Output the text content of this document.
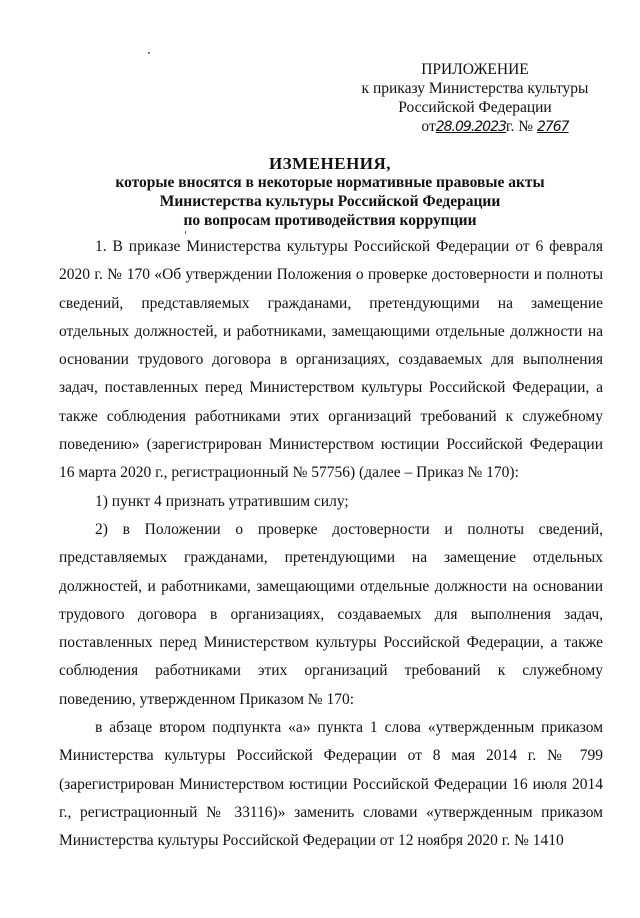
ПРИЛОЖЕНИЕ
к приказу Министерства культуры
Российской Федерации
от28.09.2023г. № 2767
ИЗМЕНЕНИЯ,
которые вносятся в некоторые нормативные правовые акты
Министерства культуры Российской Федерации
по вопросам противодействия коррупции

1. В приказе Министерства культуры Российской Федерации от 6 февраля 2020 г. № 170 «Об утверждении Положения о проверке достоверности и полноты сведений, представляемых гражданами, претендующими на замещение отдельных должностей, и работниками, замещающими отдельные должности на основании трудового договора в организациях, создаваемых для выполнения задач, поставленных перед Министерством культуры Российской Федерации, а также соблюдения работниками этих организаций требований к служебному поведению» (зарегистрирован Министерством юстиции Российской Федерации 16 марта 2020 г., регистрационный № 57756) (далее – Приказ № 170):

1) пункт 4 признать утратившим силу;

2) в Положении о проверке достоверности и полноты сведений, представляемых гражданами, претендующими на замещение отдельных должностей, и работниками, замещающими отдельные должности на основании трудового договора в организациях, создаваемых для выполнения задач, поставленных перед Министерством культуры Российской Федерации, а также соблюдения работниками этих организаций требований к служебному поведению, утвержденном Приказом № 170:

в абзаце втором подпункта «а» пункта 1 слова «утвержденным приказом Министерства культуры Российской Федерации от 8 мая 2014 г. № 799 (зарегистрирован Министерством юстиции Российской Федерации 16 июля 2014 г., регистрационный № 33116)» заменить словами «утвержденным приказом Министерства культуры Российской Федерации от 12 ноября 2020 г. № 1410
